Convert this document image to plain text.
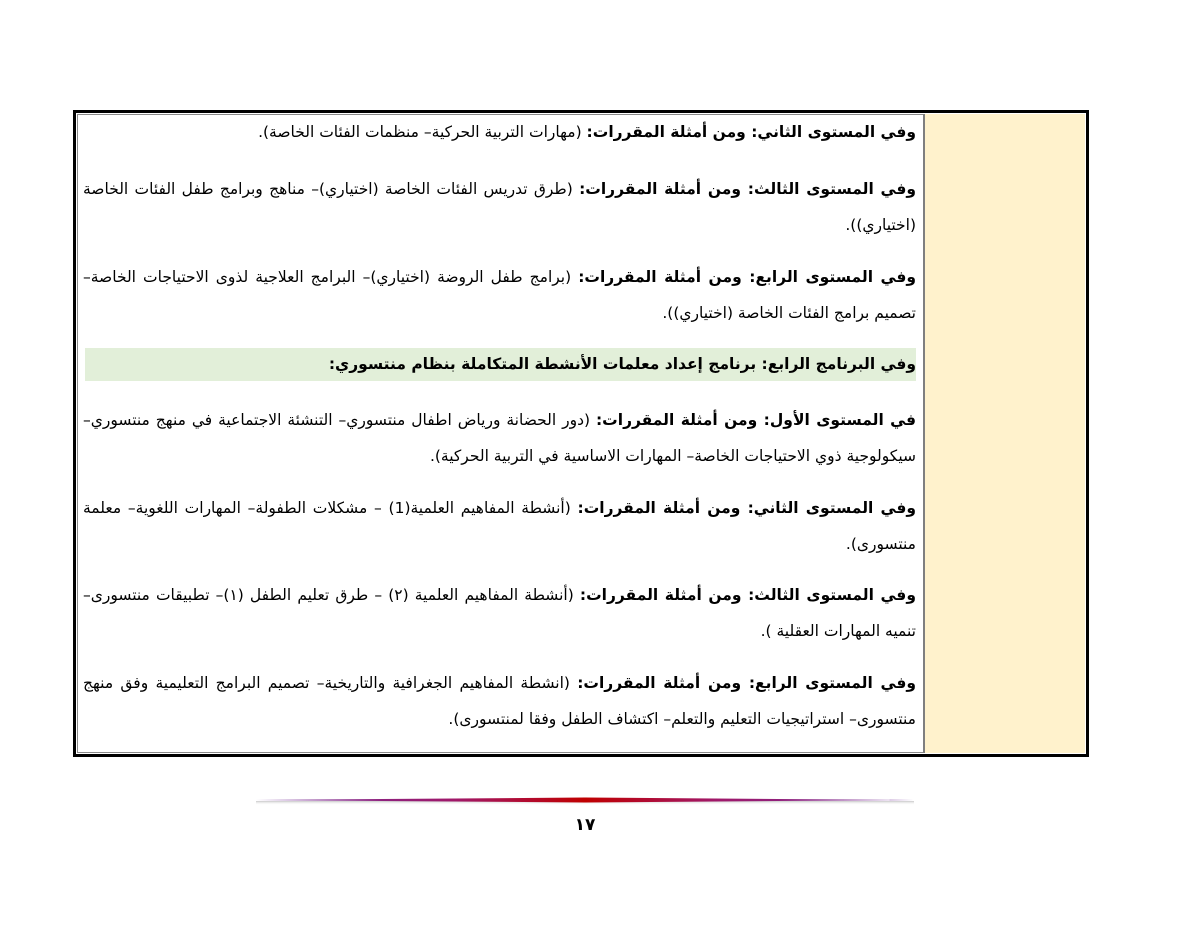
وفي المستوى الثاني: ومن أمثلة المقررات: (مهارات التربية الحركية– منظمات الفئات الخاصة).

وفي المستوى الثالث: ومن أمثلة المقررات: (طرق تدريس الفئات الخاصة (اختياري)– مناهج وبرامج طفل الفئات الخاصة (اختياري)).

وفي المستوى الرابع: ومن أمثلة المقررات: (برامج طفل الروضة (اختياري)– البرامج العلاجية لذوى الاحتياجات الخاصة– تصميم برامج الفئات الخاصة (اختياري)).

وفي البرنامج الرابع: برنامج إعداد معلمات الأنشطة المتكاملة بنظام منتسوري:

في المستوى الأول: ومن أمثلة المقررات: (دور الحضانة ورياض اطفال منتسوري– التنشئة الاجتماعية في منهج منتسوري– سيكولوجية ذوي الاحتياجات الخاصة– المهارات الاساسية في التربية الحركية).

وفي المستوى الثاني: ومن أمثلة المقررات: (أنشطة المفاهيم العلمية(1) – مشكلات الطفولة– المهارات اللغوية– معلمة منتسورى).

وفي المستوى الثالث: ومن أمثلة المقررات: (أنشطة المفاهيم العلمية (٢) – طرق تعليم الطفل (١)– تطبيقات منتسورى– تنميه المهارات العقلية ).

وفي المستوى الرابع: ومن أمثلة المقررات: (انشطة المفاهيم الجغرافية والتاريخية– تصميم البرامج التعليمية وفق منهج منتسورى– استراتيجيات التعليم والتعلم– اكتشاف الطفل وفقا لمنتسورى).

١٧
